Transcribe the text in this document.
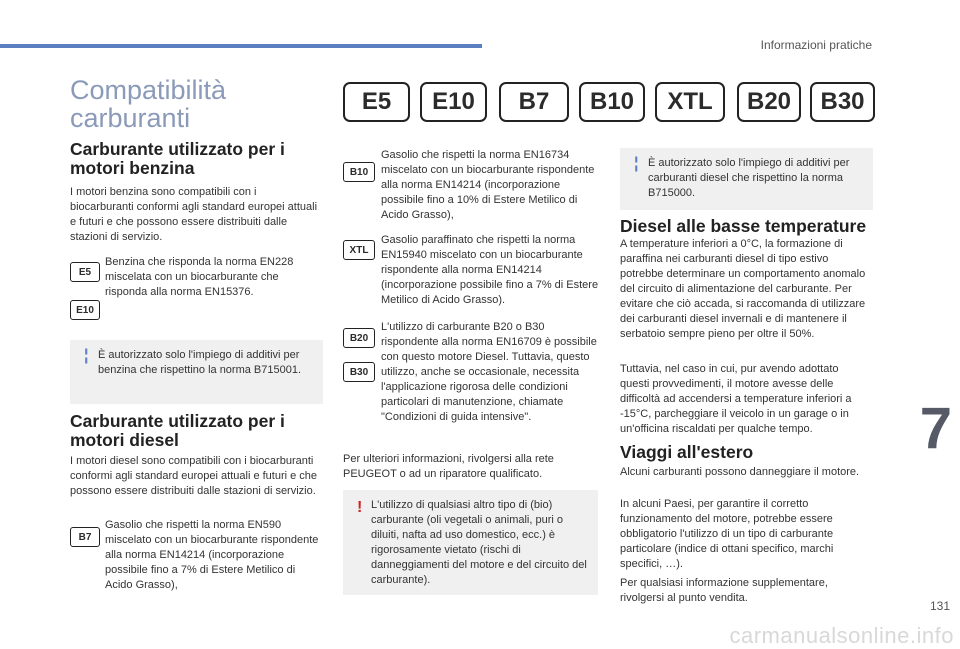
Informazioni pratiche
7
131
Compatibilità
carburanti
E5	E10	B7	B10	XTL	B20	B30
Carburante utilizzato per i
motori benzina

I motori benzina sono compatibili con i biocarburanti conformi agli standard europei attuali e futuri e che possono essere distribuiti dalle stazioni di servizio.

E5
E10

Benzina che risponda la norma EN228 miscelata con un biocarburante che risponda alla norma EN15376.

¦ È autorizzato solo l'impiego di additivi per benzina che rispettino la norma B715001.

Carburante utilizzato per i
motori diesel

I motori diesel sono compatibili con i biocarburanti conformi agli standard europei attuali e futuri e che possono essere distribuiti dalle stazioni di servizio.

B7

Gasolio che rispetti la norma EN590 miscelato con un biocarburante rispondente alla norma EN14214 (incorporazione possibile fino a 7% di Estere Metilico di Acido Grasso),

B10

Gasolio che rispetti la norma EN16734 miscelato con un biocarburante rispondente alla norma EN14214 (incorporazione possibile fino a 10% di Estere Metilico di Acido Grasso),

XTL

Gasolio paraffinato che rispetti la norma EN15940 miscelato con un biocarburante rispondente alla norma EN14214 (incorporazione possibile fino a 7% di Estere Metilico di Acido Grasso).

B20
B30

L'utilizzo di carburante B20 o B30 rispondente alla norma EN16709 è possibile con questo motore Diesel. Tuttavia, questo utilizzo, anche se occasionale, necessita l'applicazione rigorosa delle condizioni particolari di manutenzione, chiamate "Condizioni di guida intensive".

Per ulteriori informazioni, rivolgersi alla rete PEUGEOT o ad un riparatore qualificato.

! L'utilizzo di qualsiasi altro tipo di (bio) carburante (oli vegetali o animali, puri o diluiti, nafta ad uso domestico, ecc.) è rigorosamente vietato (rischi di danneggiamenti del motore e del circuito del carburante).

¦ È autorizzato solo l'impiego di additivi per carburanti diesel che rispettino la norma B715000.

Diesel alle basse temperature

A temperature inferiori a 0°C, la formazione di paraffina nei carburanti diesel di tipo estivo potrebbe determinare un comportamento anomalo del circuito di alimentazione del carburante. Per evitare che ciò accada, si raccomanda di utilizzare dei carburanti diesel invernali e di mantenere il serbatoio sempre pieno per oltre il 50%.

Tuttavia, nel caso in cui, pur avendo adottato questi provvedimenti, il motore avesse delle difficoltà ad accendersi a temperature inferiori a -15°C, parcheggiare il veicolo in un garage o in un'officina riscaldati per qualche tempo.

Viaggi all'estero

Alcuni carburanti possono danneggiare il motore.

In alcuni Paesi, per garantire il corretto funzionamento del motore, potrebbe essere obbligatorio l'utilizzo di un tipo di carburante particolare (indice di ottani specifico, marchi specifici, …).

Per qualsiasi informazione supplementare, rivolgersi al punto vendita.

carmanualsonline.info
